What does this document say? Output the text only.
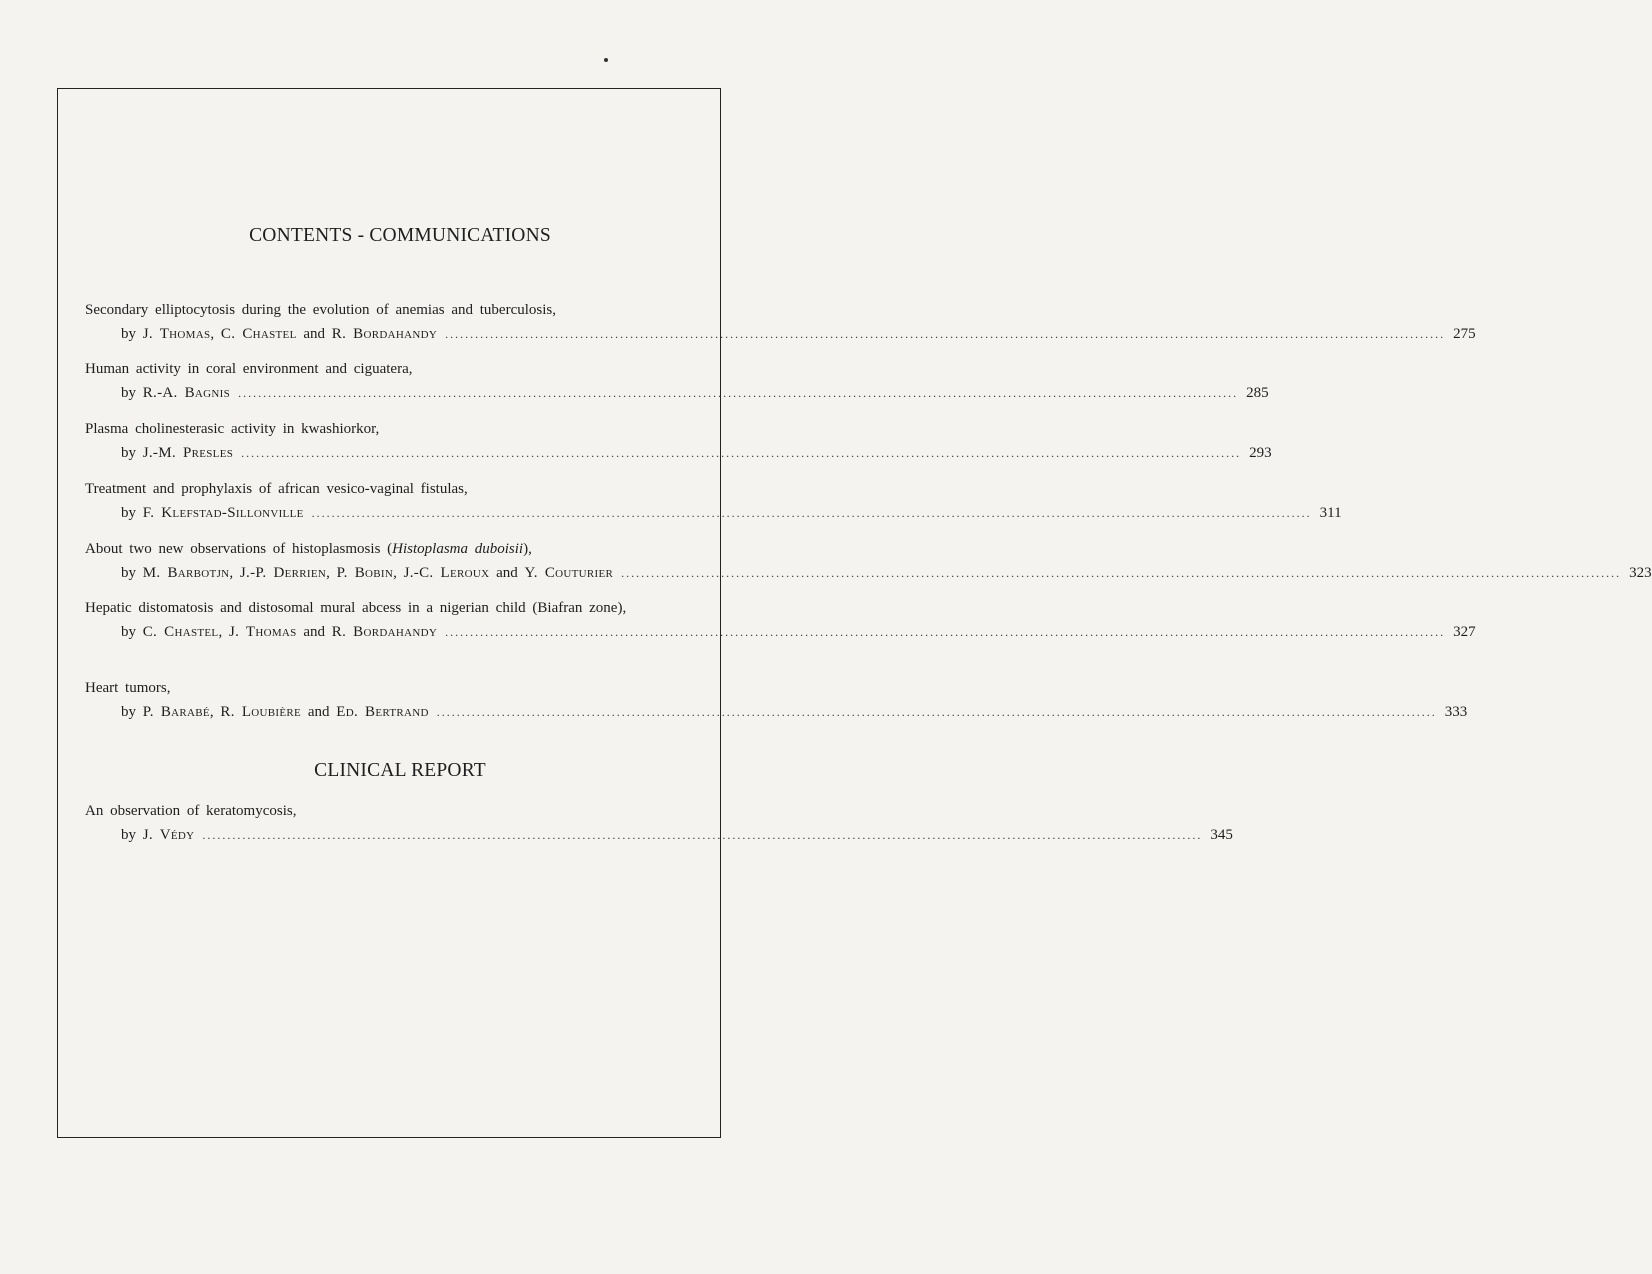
CONTENTS - COMMUNICATIONS
Secondary elliptocytosis during the evolution of anemias and tuberculosis,
by J. Thomas, C. Chastel and R. Bordahandy ........................................................................................................................................................................................................ 275
Human activity in coral environment and ciguatera,
by R.-A. Bagnis ........................................................................................................................................................................................................ 285
Plasma cholinesterasic activity in kwashiorkor,
by J.-M. Presles ........................................................................................................................................................................................................ 293
Treatment and prophylaxis of african vesico-vaginal fistulas,
by F. Klefstad-Sillonville ........................................................................................................................................................................................................ 311
About two new observations of histoplasmosis (Histoplasma duboisii),
by M. Barbotjn, J.-P. Derrien, P. Bobin, J.-C. Leroux and Y. Couturier ........................................................................................................................................................................................................ 323
Hepatic distomatosis and distosomal mural abcess in a nigerian child (Biafran zone),
by C. Chastel, J. Thomas and R. Bordahandy ........................................................................................................................................................................................................ 327
Heart tumors,
by P. Barabé, R. Loubière and Ed. Bertrand ........................................................................................................................................................................................................ 333
CLINICAL REPORT
An observation of keratomycosis,
by J. Védy ........................................................................................................................................................................................................ 345
